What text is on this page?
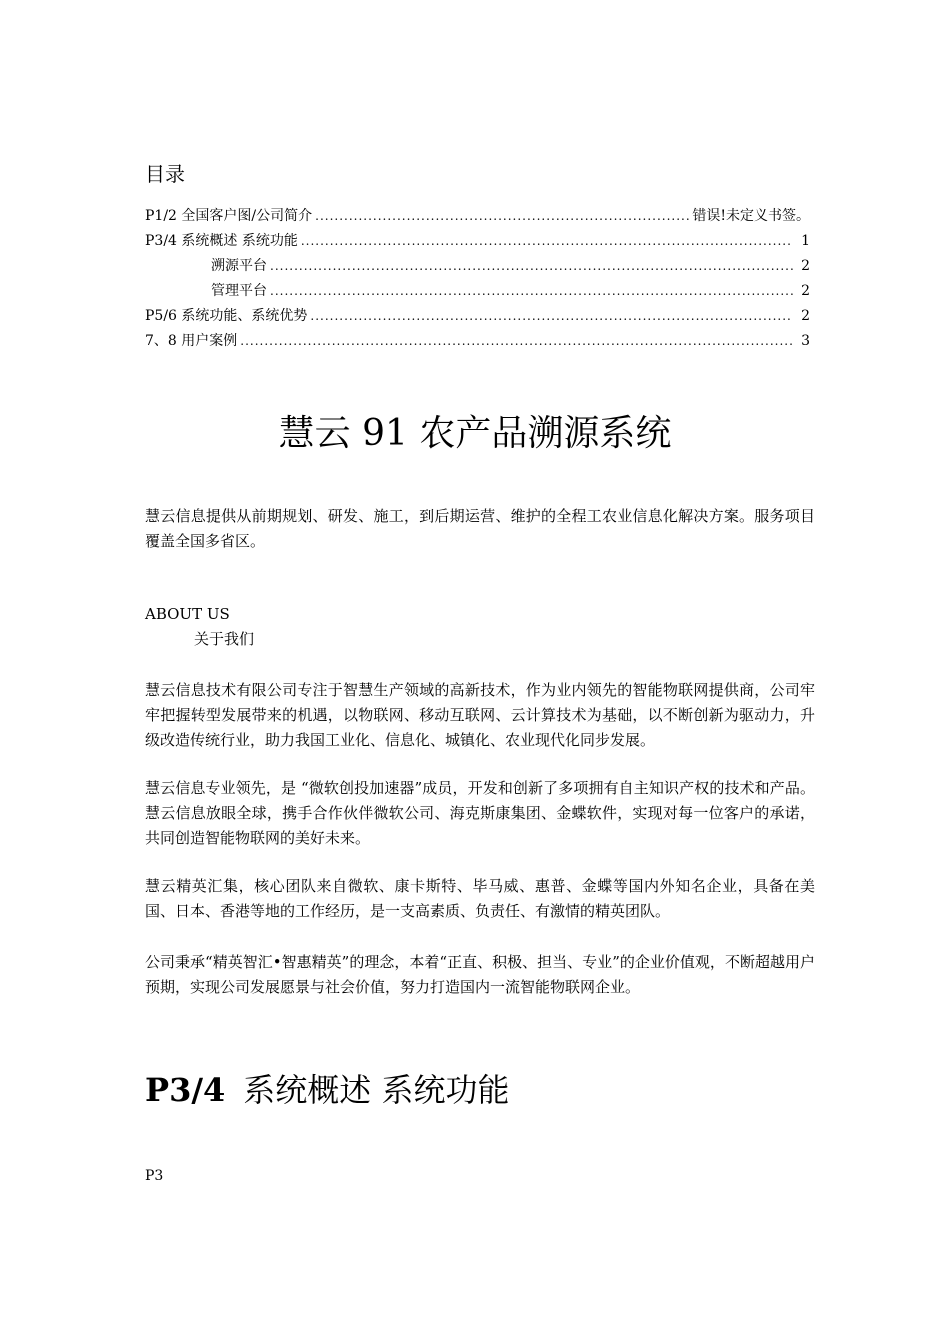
目录
P1/2 全国客户图/公司简介 .....	错误!未定义书签。
P3/4 系统概述 系统功能 .....	1
溯源平台 .....	2
管理平台 .....	2
P5/6 系统功能、系统优势 .....	2
7、8 用户案例 .....	3
慧云 91 农产品溯源系统
慧云信息提供从前期规划、研发、施工，到后期运营、维护的全程工农业信息化解决方案。服务项目覆盖全国多省区。
ABOUT US
关于我们
慧云信息技术有限公司专注于智慧生产领域的高新技术，作为业内领先的智能物联网提供商，公司牢牢把握转型发展带来的机遇，以物联网、移动互联网、云计算技术为基础，以不断创新为驱动力，升级改造传统行业，助力我国工业化、信息化、城镇化、农业现代化同步发展。
慧云信息专业领先，是 “微软创投加速器”成员，开发和创新了多项拥有自主知识产权的技术和产品。慧云信息放眼全球，携手合作伙伴微软公司、海克斯康集团、金蝶软件，实现对每一位客户的承诺，共同创造智能物联网的美好未来。
慧云精英汇集，核心团队来自微软、康卡斯特、毕马威、惠普、金蝶等国内外知名企业，具备在美国、日本、香港等地的工作经历，是一支高素质、负责任、有激情的精英团队。
公司秉承“精英智汇•智惠精英”的理念，本着“正直、积极、担当、专业”的企业价值观，不断超越用户预期，实现公司发展愿景与社会价值，努力打造国内一流智能物联网企业。
P3/4 系统概述 系统功能
P3
